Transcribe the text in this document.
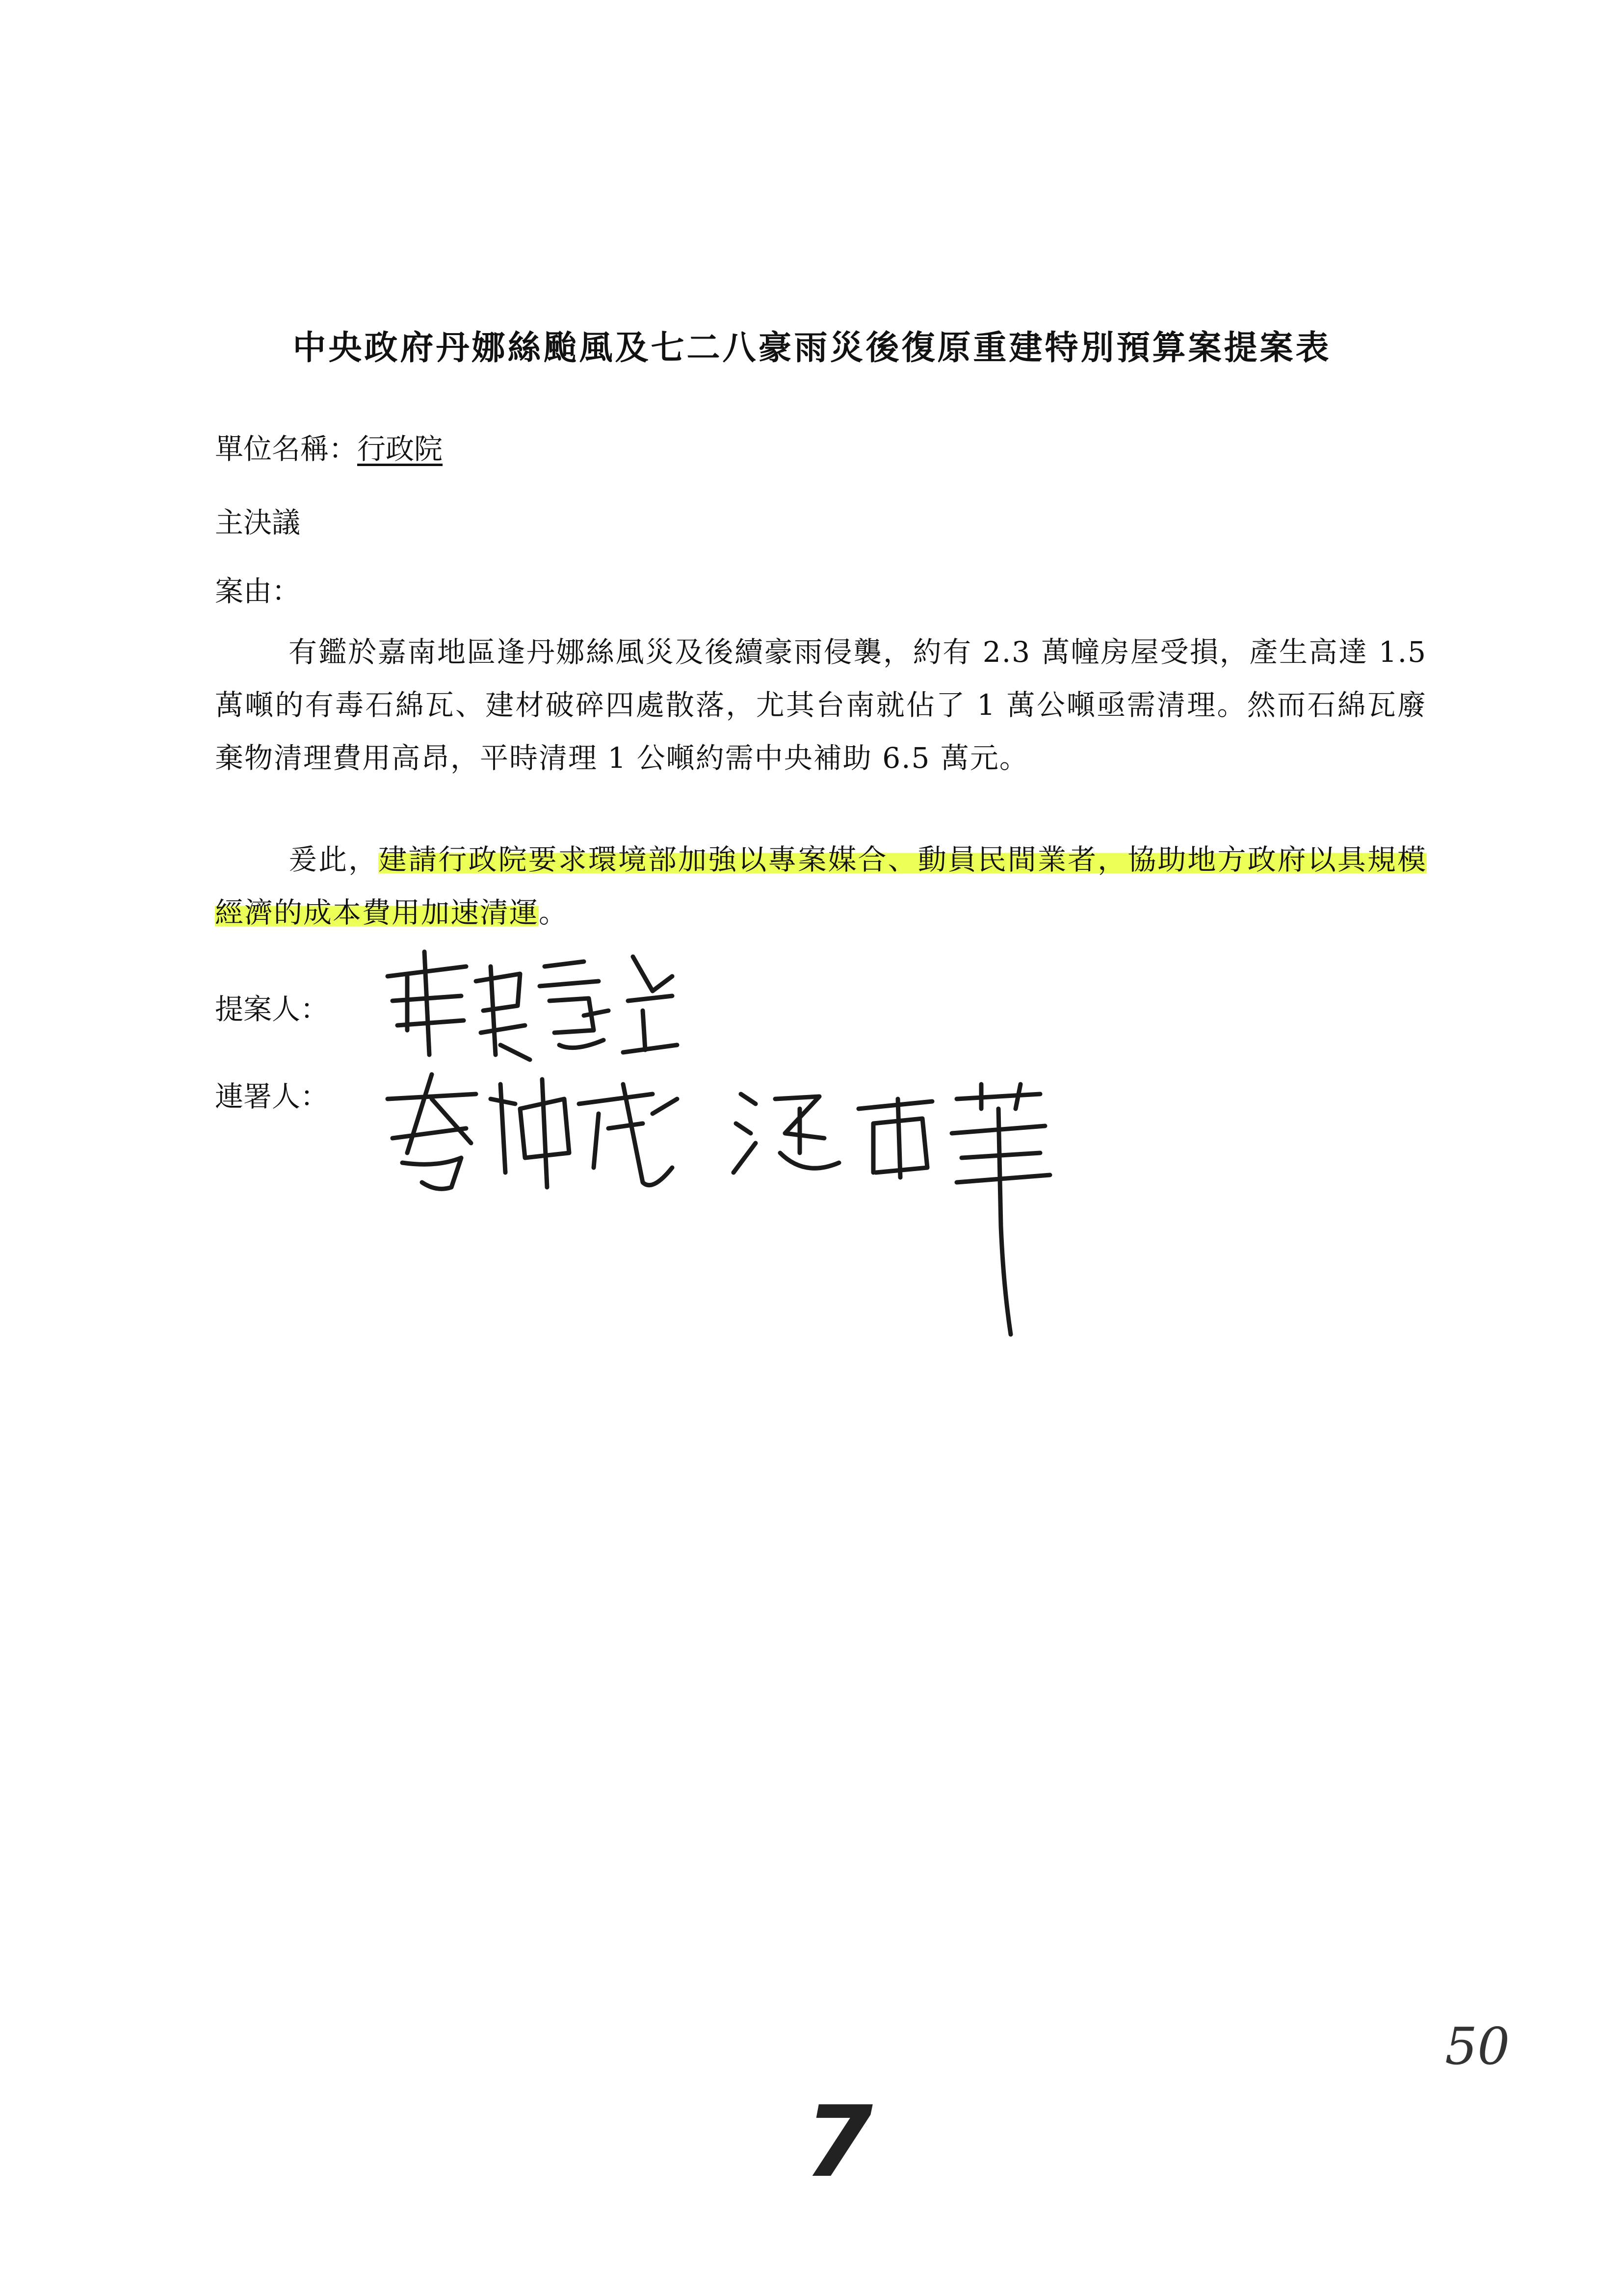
中央政府丹娜絲颱風及七二八豪雨災後復原重建特別預算案提案表
單位名稱：行政院
主決議
案由：

有鑑於嘉南地區逢丹娜絲風災及後續豪雨侵襲，約有 2.3 萬幢房屋受損，產生高達 1.5 萬噸的有毒石綿瓦、建材破碎四處散落，尤其台南就佔了 1 萬公噸亟需清理。然而石綿瓦廢棄物清理費用高昂，平時清理 1 公噸約需中央補助 6.5 萬元。

爰此，建請行政院要求環境部加強以專案媒合、動員民間業者，協助地方政府以具規模經濟的成本費用加速清運。

提案人：
連署人：
7
50
